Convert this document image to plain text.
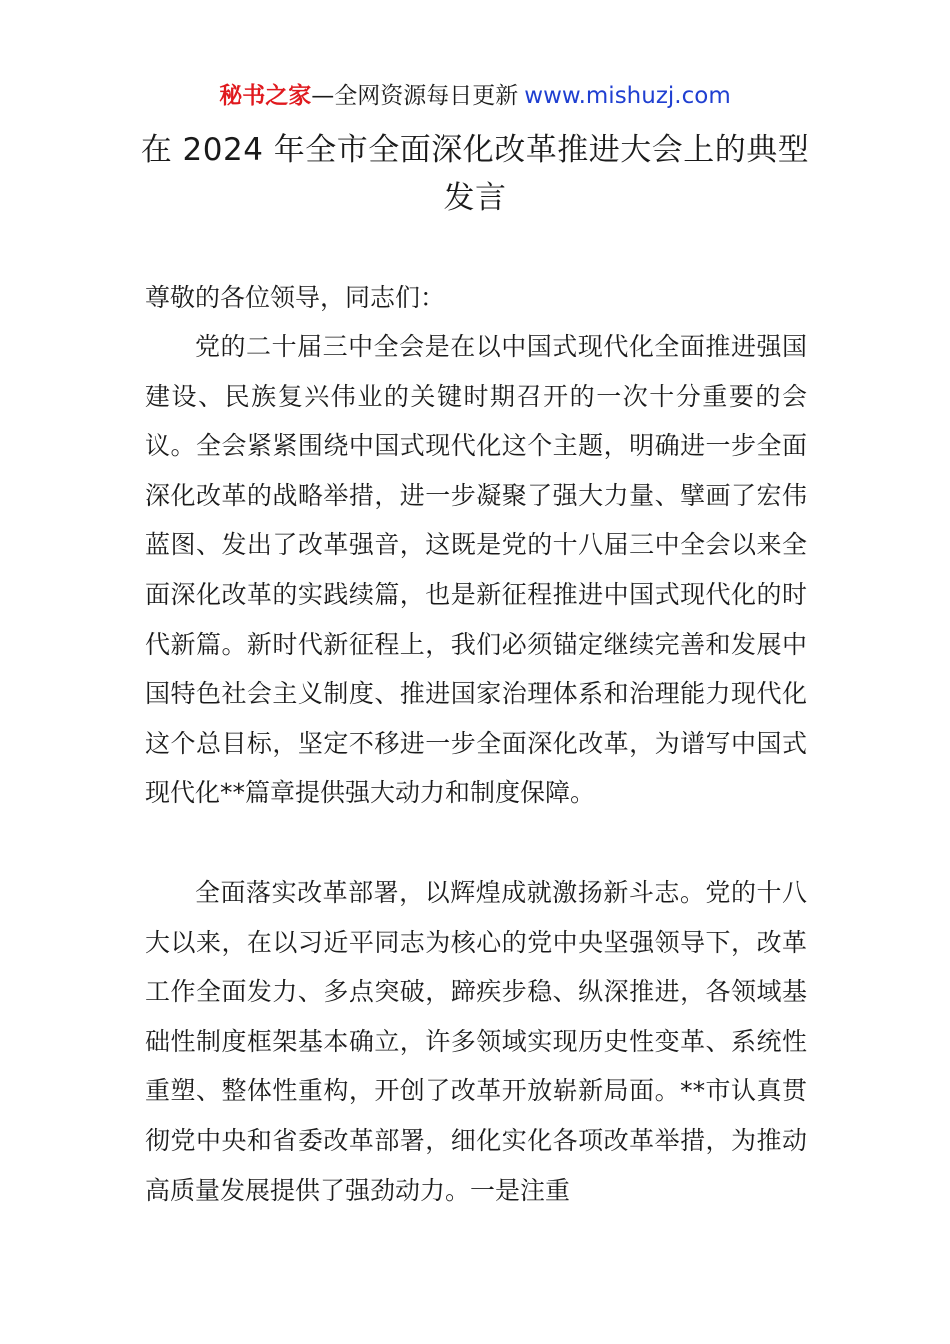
秘书之家—全网资源每日更新 www.mishuzj.com
在 2024 年全市全面深化改革推进大会上的典型发言
尊敬的各位领导，同志们：
党的二十届三中全会是在以中国式现代化全面推进强国建设、民族复兴伟业的关键时期召开的一次十分重要的会议。全会紧紧围绕中国式现代化这个主题，明确进一步全面深化改革的战略举措，进一步凝聚了强大力量、擘画了宏伟蓝图、发出了改革强音，这既是党的十八届三中全会以来全面深化改革的实践续篇，也是新征程推进中国式现代化的时代新篇。新时代新征程上，我们必须锚定继续完善和发展中国特色社会主义制度、推进国家治理体系和治理能力现代化这个总目标，坚定不移进一步全面深化改革，为谱写中国式现代化**篇章提供强大动力和制度保障。
全面落实改革部署，以辉煌成就激扬新斗志。党的十八大以来，在以习近平同志为核心的党中央坚强领导下，改革工作全面发力、多点突破，蹄疾步稳、纵深推进，各领域基础性制度框架基本确立，许多领域实现历史性变革、系统性重塑、整体性重构，开创了改革开放崭新局面。**市认真贯彻党中央和省委改革部署，细化实化各项改革举措，为推动高质量发展提供了强劲动力。一是注重
